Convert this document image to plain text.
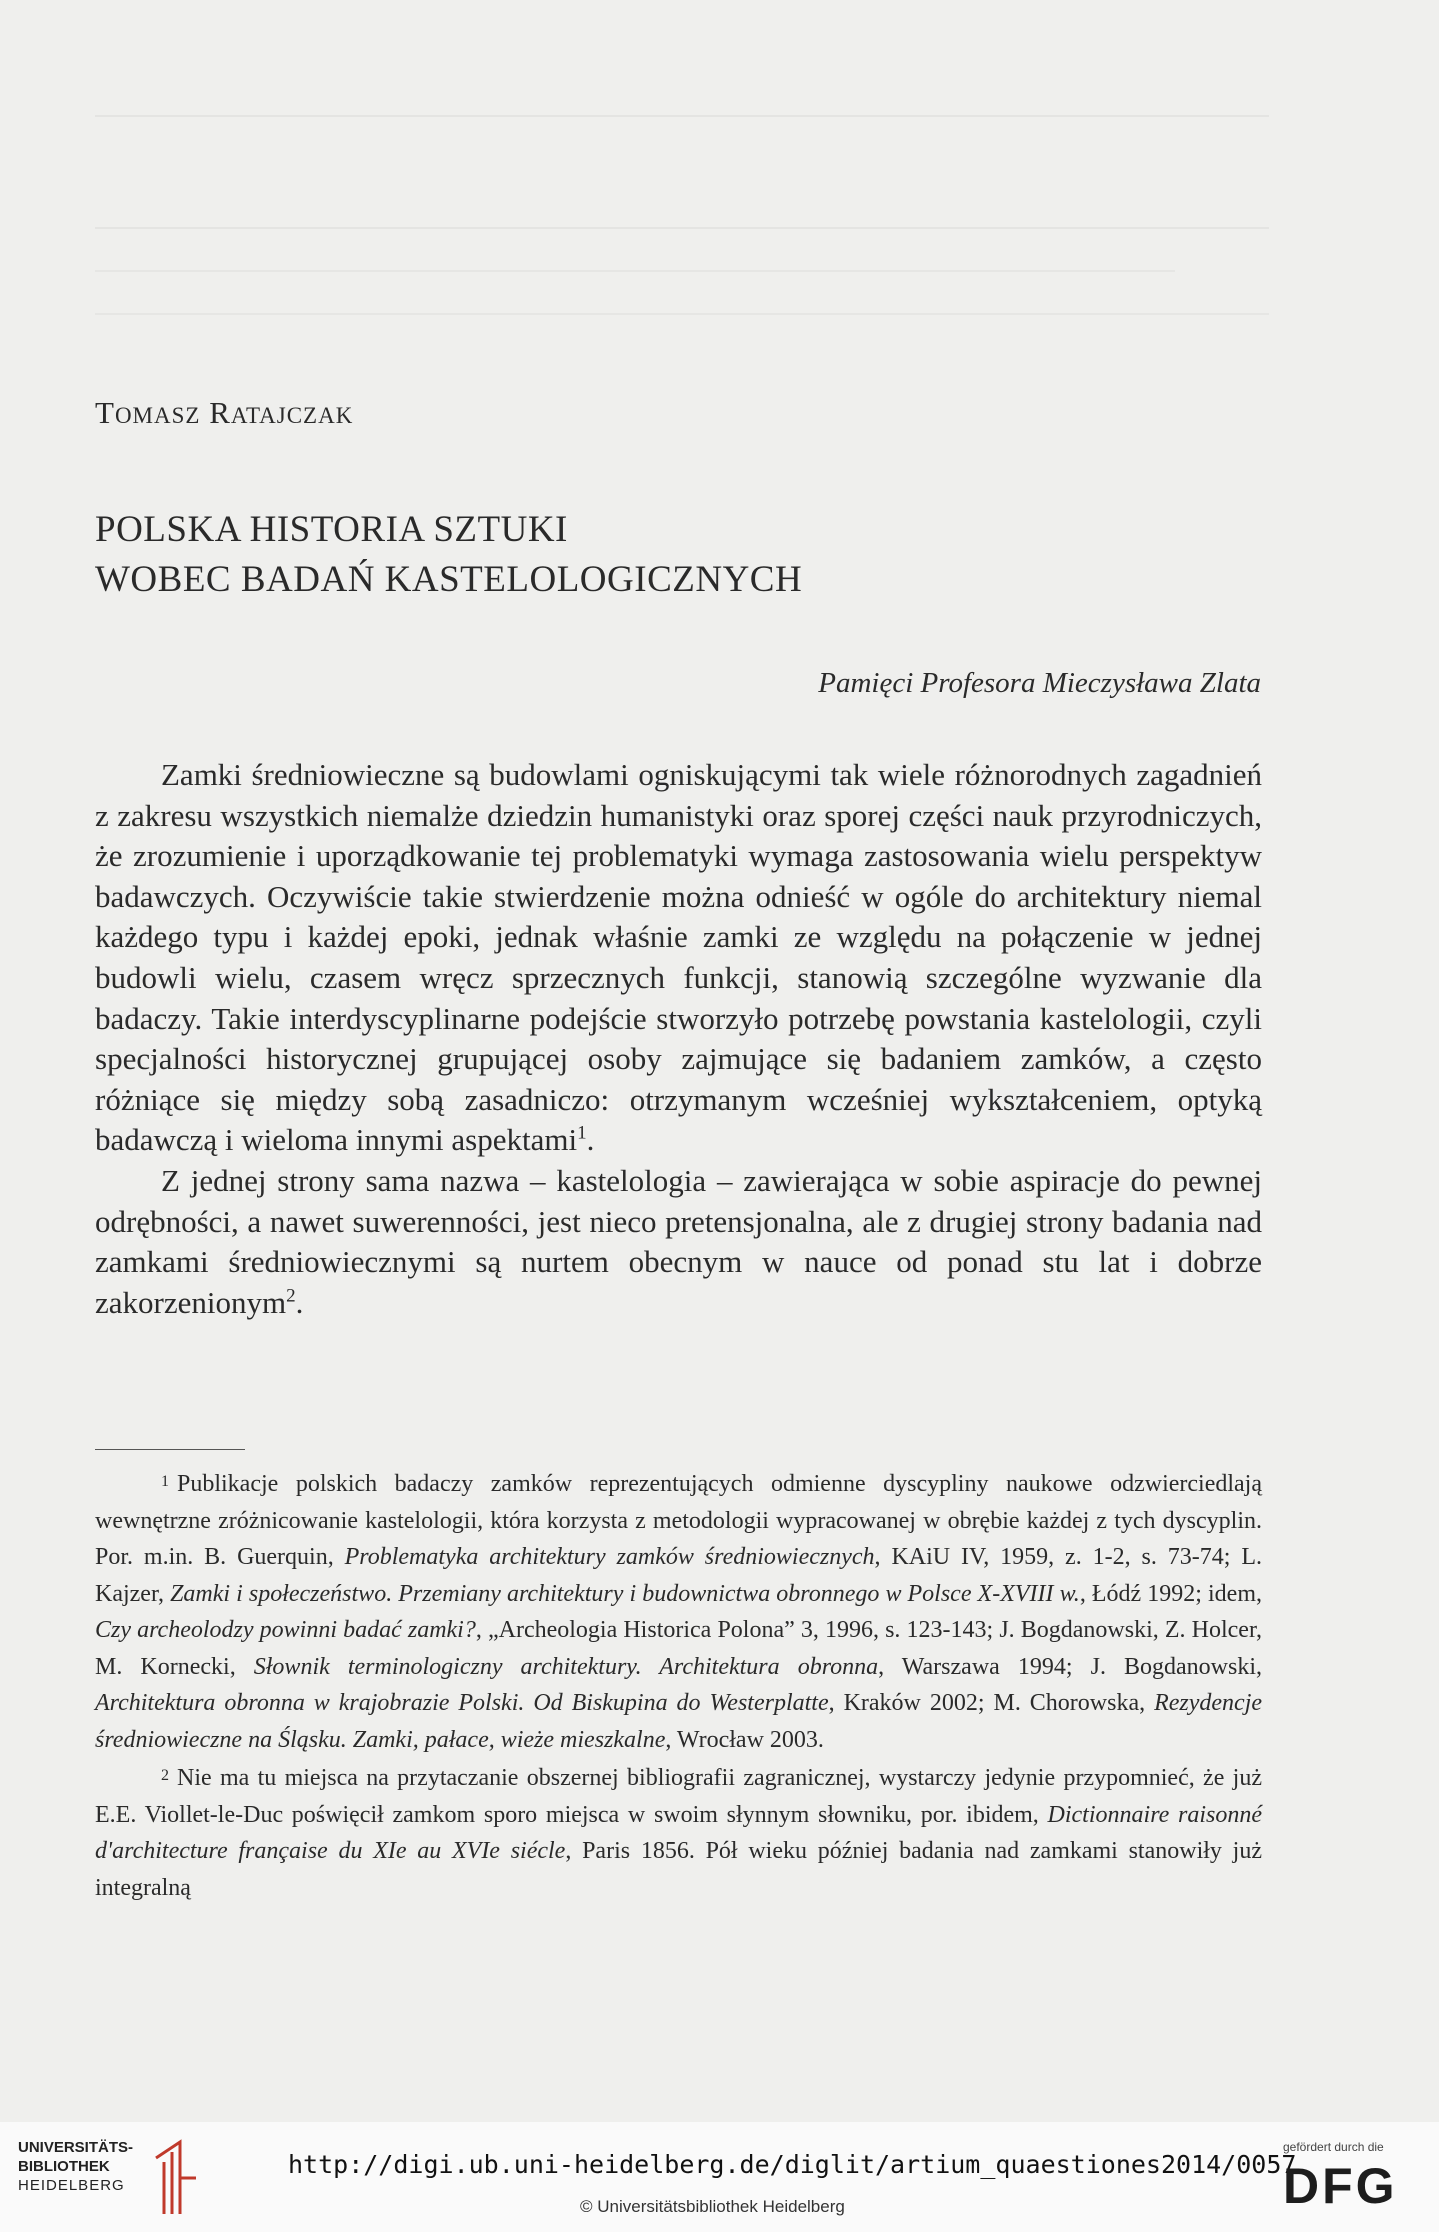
TOMASZ RATAJCZAK
POLSKA HISTORIA SZTUKI
WOBEC BADAŃ KASTELOLOGICZNYCH
Pamięci Profesora Mieczysława Zlata

Zamki średniowieczne są budowlami ogniskującymi tak wiele różnorodnych zagadnień z zakresu wszystkich niemalże dziedzin humanistyki oraz sporej części nauk przyrodniczych, że zrozumienie i uporządkowanie tej problematyki wymaga zastosowania wielu perspektyw badawczych. Oczywiście takie stwierdzenie można odnieść w ogóle do architektury niemal każdego typu i każdej epoki, jednak właśnie zamki ze względu na połączenie w jednej budowli wielu, czasem wręcz sprzecznych funkcji, stanowią szczególne wyzwanie dla badaczy. Takie interdyscyplinarne podejście stworzyło potrzebę powstania kastelologii, czyli specjalności historycznej grupującej osoby zajmujące się badaniem zamków, a często różniące się między sobą zasadniczo: otrzymanym wcześniej wykształceniem, optyką badawczą i wieloma innymi aspektami$^1$.

Z jednej strony sama nazwa – kastelologia – zawierająca w sobie aspiracje do pewnej odrębności, a nawet suwerenności, jest nieco pretensjonalna, ale z drugiej strony badania nad zamkami średniowiecznymi są nurtem obecnym w nauce od ponad stu lat i dobrze zakorzenionym$^2$.

$^1$ Publikacje polskich badaczy zamków reprezentujących odmienne dyscypliny naukowe odzwierciedlają wewnętrzne zróżnicowanie kastelologii, która korzysta z metodologii wypracowanej w obrębie każdej z tych dyscyplin. Por. m.in. B. Guerquin, Problematyka architektury zamków średniowiecznych, KAiU IV, 1959, z. 1-2, s. 73-74; L. Kajzer, Zamki i społeczeństwo. Przemiany architektury i budownictwa obronnego w Polsce X-XVIII w., Łódź 1992; idem, Czy archeolodzy powinni badać zamki?, „Archeologia Historica Polona” 3, 1996, s. 123-143; J. Bogdanowski, Z. Holcer, M. Kornecki, Słownik terminologiczny architektury. Architektura obronna, Warszawa 1994; J. Bogdanowski, Architektura obronna w krajobrazie Polski. Od Biskupina do Westerplatte, Kraków 2002; M. Chorowska, Rezydencje średniowieczne na Śląsku. Zamki, pałace, wieże mieszkalne, Wrocław 2003.

$^2$ Nie ma tu miejsca na przytaczanie obszernej bibliografii zagranicznej, wystarczy jedynie przypomnieć, że już E.E. Viollet-le-Duc poświęcił zamkom sporo miejsca w swoim słynnym słowniku, por. ibidem, Dictionnaire raisonné d'architecture française du XIe au XVIe siécle, Paris 1856. Pół wieku później badania nad zamkami stanowiły już integralną

UNIVERSITÄTS-
BIBLIOTHEK
HEIDELBERG
http://digi.ub.uni-heidelberg.de/diglit/artium_quaestiones2014/0057
© Universitätsbibliothek Heidelberg
gefördert durch die
DFG
